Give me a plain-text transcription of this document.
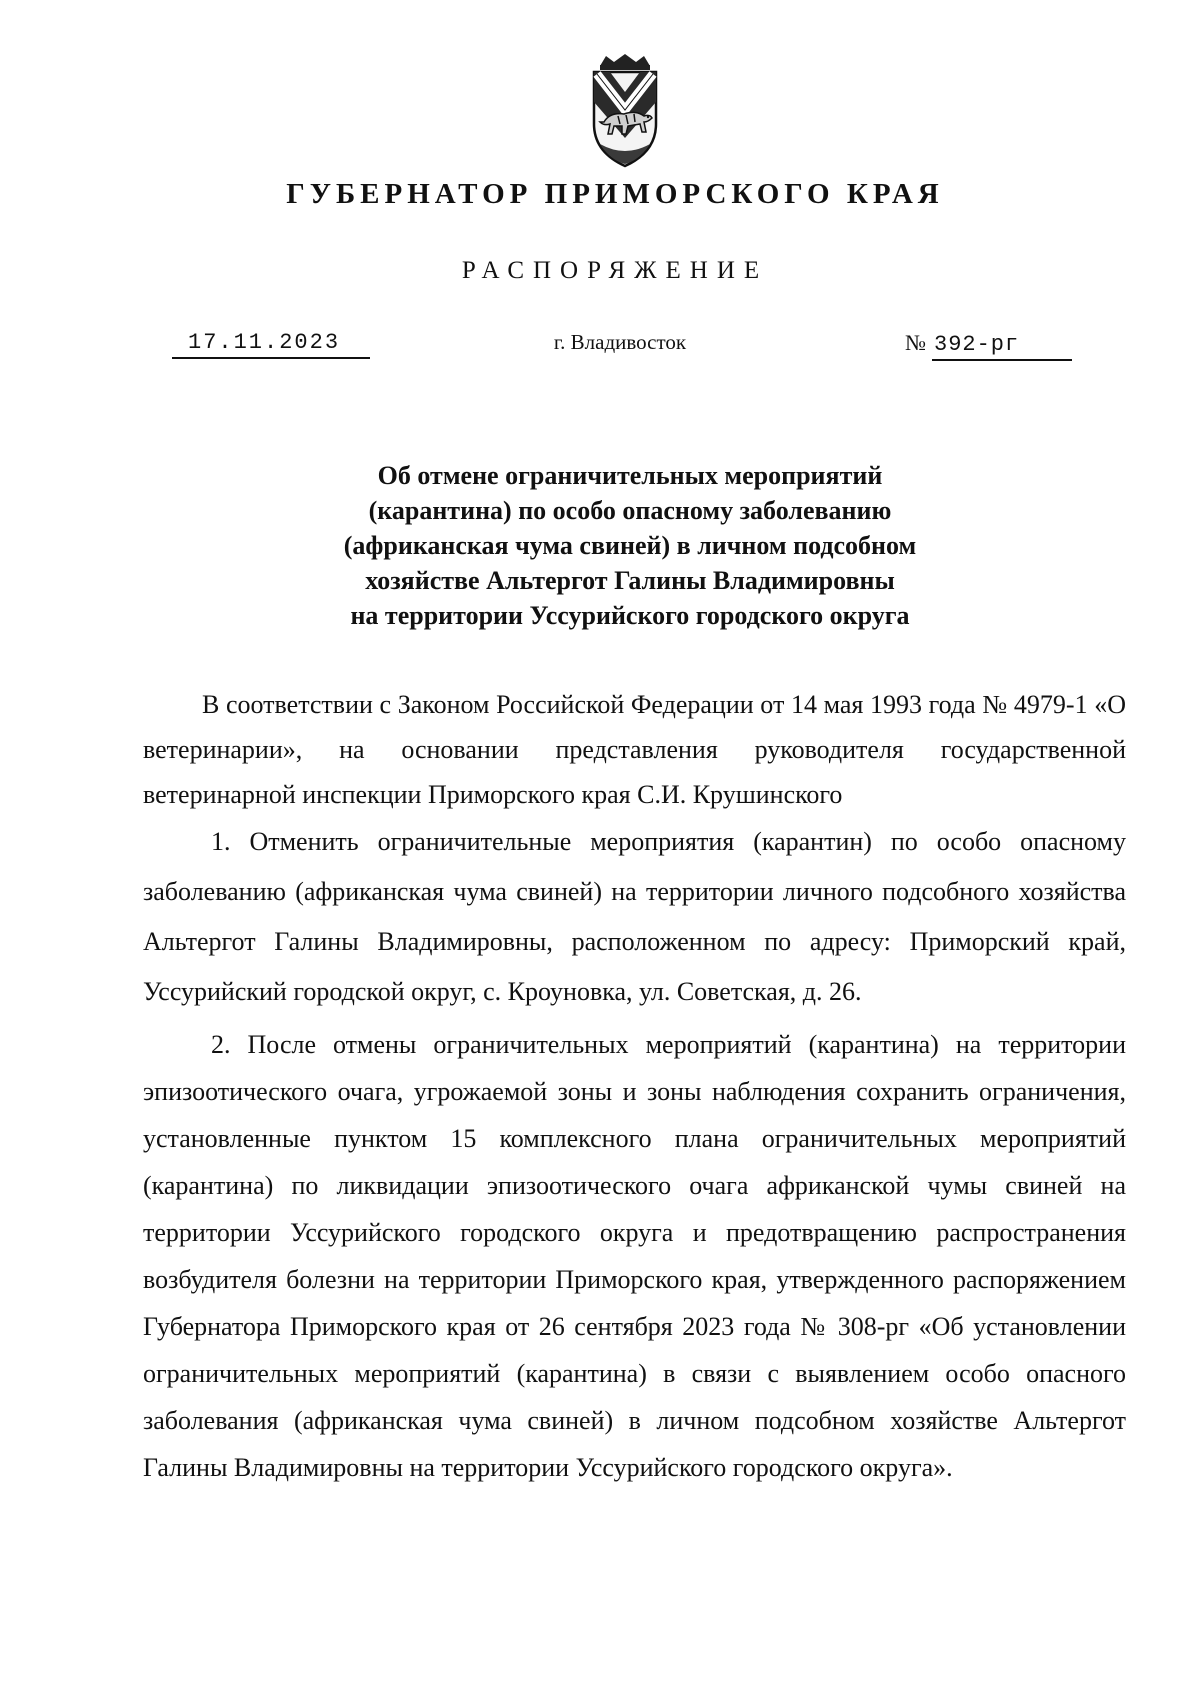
ГУБЕРНАТОР ПРИМОРСКОГО КРАЯ
РАСПОРЯЖЕНИЕ
17.11.2023	г. Владивосток	№ 392-рг
Об отмене ограничительных мероприятий
(карантина) по особо опасному заболеванию
(африканская чума свиней) в личном подсобном
хозяйстве Альтергот Галины Владимировны
на территории Уссурийского городского округа

В соответствии с Законом Российской Федерации от 14 мая 1993 года № 4979-1 «О ветеринарии», на основании представления руководителя государственной ветеринарной инспекции Приморского края С.И. Крушинского

1. Отменить ограничительные мероприятия (карантин) по особо опасному заболеванию (африканская чума свиней) на территории личного подсобного хозяйства Альтергот Галины Владимировны, расположенном по адресу: Приморский край, Уссурийский городской округ, с. Кроуновка, ул. Советская, д. 26.

2. После отмены ограничительных мероприятий (карантина) на территории эпизоотического очага, угрожаемой зоны и зоны наблюдения сохранить ограничения, установленные пунктом 15 комплексного плана ограничительных мероприятий (карантина) по ликвидации эпизоотического очага африканской чумы свиней на территории Уссурийского городского округа и предотвращению распространения возбудителя болезни на территории Приморского края, утвержденного распоряжением Губернатора Приморского края от 26 сентября 2023 года № 308-рг «Об установлении ограничительных мероприятий (карантина) в связи с выявлением особо опасного заболевания (африканская чума свиней) в личном подсобном хозяйстве Альтергот Галины Владимировны на территории Уссурийского городского округа».
